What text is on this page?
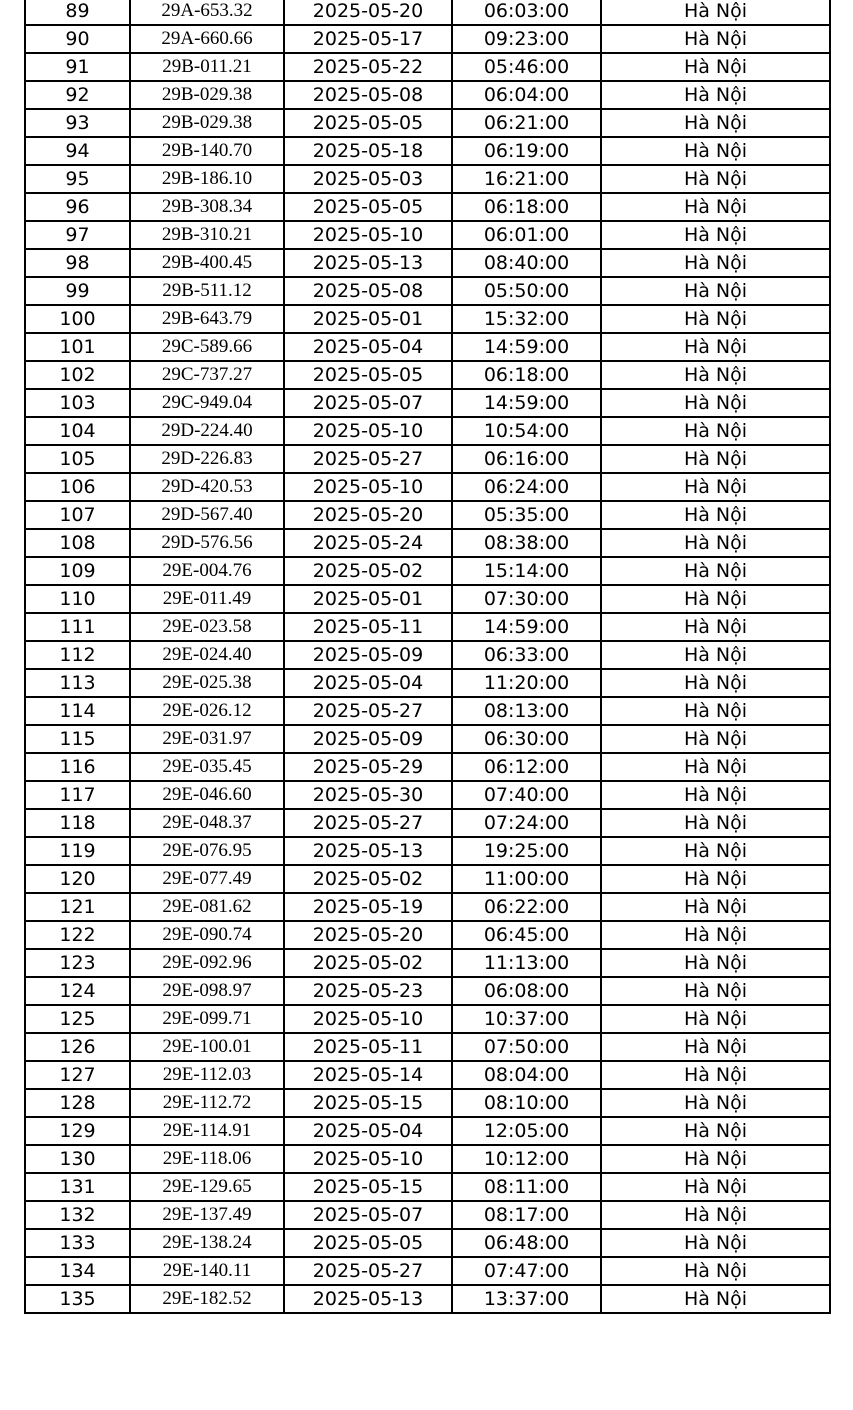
89	29A-653.32	2025-05-20	06:03:00	Hà Nội
90	29A-660.66	2025-05-17	09:23:00	Hà Nội
91	29B-011.21	2025-05-22	05:46:00	Hà Nội
92	29B-029.38	2025-05-08	06:04:00	Hà Nội
93	29B-029.38	2025-05-05	06:21:00	Hà Nội
94	29B-140.70	2025-05-18	06:19:00	Hà Nội
95	29B-186.10	2025-05-03	16:21:00	Hà Nội
96	29B-308.34	2025-05-05	06:18:00	Hà Nội
97	29B-310.21	2025-05-10	06:01:00	Hà Nội
98	29B-400.45	2025-05-13	08:40:00	Hà Nội
99	29B-511.12	2025-05-08	05:50:00	Hà Nội
100	29B-643.79	2025-05-01	15:32:00	Hà Nội
101	29C-589.66	2025-05-04	14:59:00	Hà Nội
102	29C-737.27	2025-05-05	06:18:00	Hà Nội
103	29C-949.04	2025-05-07	14:59:00	Hà Nội
104	29D-224.40	2025-05-10	10:54:00	Hà Nội
105	29D-226.83	2025-05-27	06:16:00	Hà Nội
106	29D-420.53	2025-05-10	06:24:00	Hà Nội
107	29D-567.40	2025-05-20	05:35:00	Hà Nội
108	29D-576.56	2025-05-24	08:38:00	Hà Nội
109	29E-004.76	2025-05-02	15:14:00	Hà Nội
110	29E-011.49	2025-05-01	07:30:00	Hà Nội
111	29E-023.58	2025-05-11	14:59:00	Hà Nội
112	29E-024.40	2025-05-09	06:33:00	Hà Nội
113	29E-025.38	2025-05-04	11:20:00	Hà Nội
114	29E-026.12	2025-05-27	08:13:00	Hà Nội
115	29E-031.97	2025-05-09	06:30:00	Hà Nội
116	29E-035.45	2025-05-29	06:12:00	Hà Nội
117	29E-046.60	2025-05-30	07:40:00	Hà Nội
118	29E-048.37	2025-05-27	07:24:00	Hà Nội
119	29E-076.95	2025-05-13	19:25:00	Hà Nội
120	29E-077.49	2025-05-02	11:00:00	Hà Nội
121	29E-081.62	2025-05-19	06:22:00	Hà Nội
122	29E-090.74	2025-05-20	06:45:00	Hà Nội
123	29E-092.96	2025-05-02	11:13:00	Hà Nội
124	29E-098.97	2025-05-23	06:08:00	Hà Nội
125	29E-099.71	2025-05-10	10:37:00	Hà Nội
126	29E-100.01	2025-05-11	07:50:00	Hà Nội
127	29E-112.03	2025-05-14	08:04:00	Hà Nội
128	29E-112.72	2025-05-15	08:10:00	Hà Nội
129	29E-114.91	2025-05-04	12:05:00	Hà Nội
130	29E-118.06	2025-05-10	10:12:00	Hà Nội
131	29E-129.65	2025-05-15	08:11:00	Hà Nội
132	29E-137.49	2025-05-07	08:17:00	Hà Nội
133	29E-138.24	2025-05-05	06:48:00	Hà Nội
134	29E-140.11	2025-05-27	07:47:00	Hà Nội
135	29E-182.52	2025-05-13	13:37:00	Hà Nội
